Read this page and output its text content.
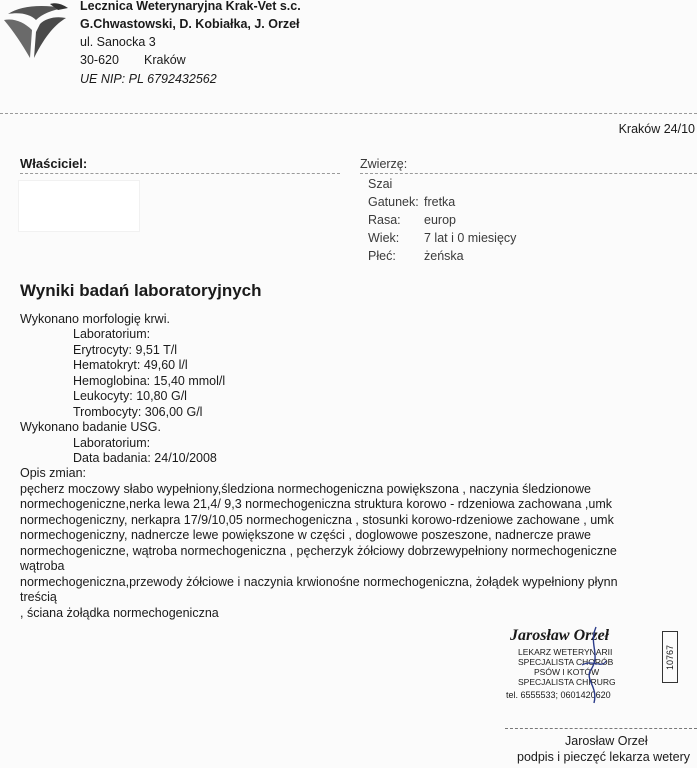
Lecznica Weterynaryjna Krak-Vet s.c.
G.Chwastowski, D. Kobiałka, J. Orzeł
ul. Sanocka 3
30-620 Kraków
UE NIP: PL 6792432562
Kraków 24/10
Właściciel:	Zwierzę:
Szai
Gatunek: fretka
Rasa: europ
Wiek: 7 lat i 0 miesięcy
Płeć: żeńska
Wyniki badań laboratoryjnych
Wykonano morfologię krwi.
Laboratorium:
Erytrocyty: 9,51 T/l
Hematokryt: 49,60 l/l
Hemoglobina: 15,40 mmol/l
Leukocyty: 10,80 G/l
Trombocyty: 306,00 G/l
Wykonano badanie USG.
Laboratorium:
Data badania: 24/10/2008
Opis zmian:
pęcherz moczowy słabo wypełniony,śledziona normechogeniczna powiększona , naczynia śledzionowe
normechogeniczne,nerka lewa 21,4/ 9,3 normechogeniczna struktura korowo - rdzeniowa zachowana ,umk
normechogeniczny, nerkapra 17/9/10,05 normechogeniczna , stosunki korowo-rdzeniowe zachowane , umk
normechogeniczny, nadnercze lewe powiększone w części , doglowowe poszeszone, nadnercze prawe
normechogeniczne, wątroba normechogeniczna , pęcherzyk żółciowy dobrzewypełniony normechogeniczne
wątroba
normechogeniczna,przewody żółciowe i naczynia krwionośne normechogeniczna, żołądek wypełniony płynn
treścią
, ściana żołądka normechogeniczna
Jarosław Orzeł
LEKARZ WETERYNARII
SPECJALISTA CHORÓB
PSÓW I KOTÓW
SPECJALISTA CHIRURG
tel. 6555533; 0601420620
10767
Jarosław Orzeł
podpis i pieczęć lekarza wetery
